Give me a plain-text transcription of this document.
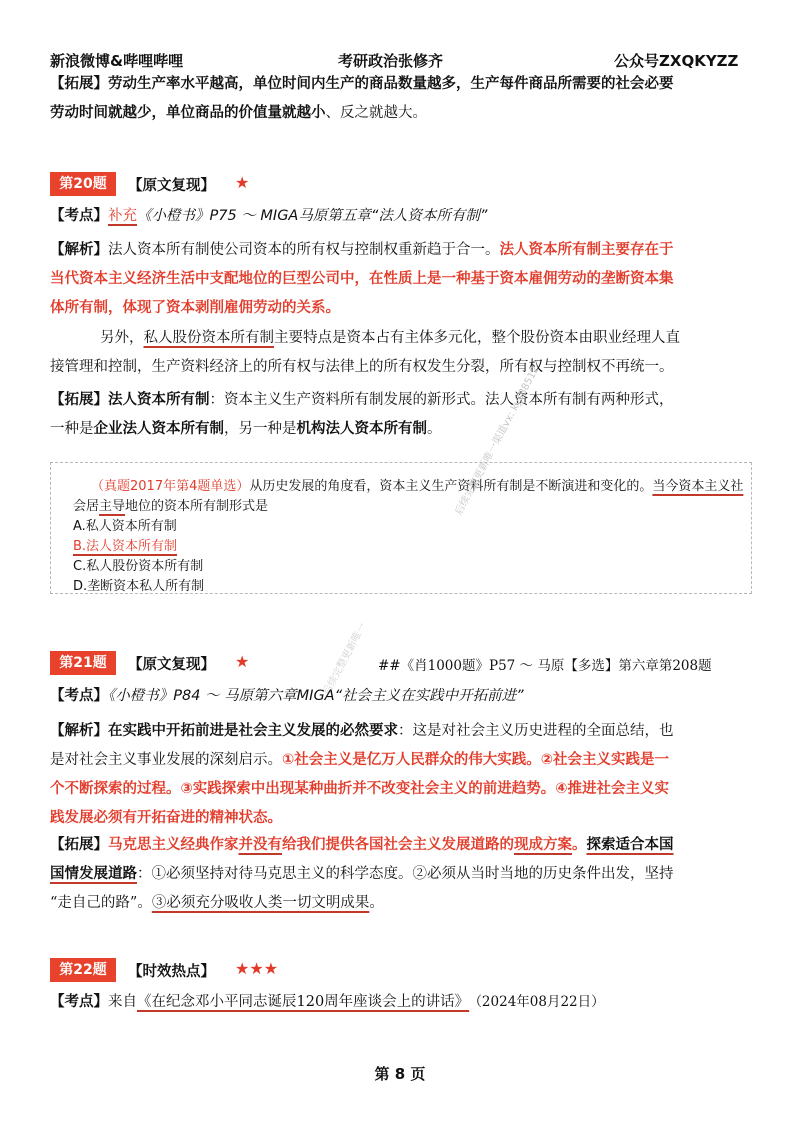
新浪微博&哔哩哔哩	考研政治张修齐	公众号ZXQKYZZ
【拓展】劳动生产率水平越高，单位时间内生产的商品数量越多，生产每件商品所需要的社会必要
劳动时间就越少，单位商品的价值量就越小、反之就越大。
第20题	【原文复现】 ★
【考点】补充《小橙书》P75 ～ MIGA马原第五章“法人资本所有制”
【解析】法人资本所有制使公司资本的所有权与控制权重新趋于合一。法人资本所有制主要存在于
当代资本主义经济生活中支配地位的巨型公司中，在性质上是一种基于资本雇佣劳动的垄断资本集
体所有制，体现了资本剥削雇佣劳动的关系。
另外，私人股份资本所有制主要特点是资本占有主体多元化，整个股份资本由职业经理人直
接管理和控制，生产资料经济上的所有权与法律上的所有权发生分裂，所有权与控制权不再统一。
【拓展】法人资本所有制：资本主义生产资料所有制发展的新形式。法人资本所有制有两种形式，
一种是企业法人资本所有制，另一种是机构法人资本所有制。
（真题2017年第4题单选）从历史发展的角度看，资本主义生产资料所有制是不断演进和变化的。当今资本主义社
会居主导地位的资本所有制形式是
A.私人资本所有制
B.法人资本所有制
C.私人股份资本所有制
D.垄断资本私人所有制
后续完整更新唯一渠道vx: kys88512
第21题	【原文复现】 ★	##《肖1000题》P57 ～ 马原【多选】第六章第208题
后续完整更新唯一
【考点】《小橙书》P84 ～ 马原第六章MIGA“社会主义在实践中开拓前进”
【解析】在实践中开拓前进是社会主义发展的必然要求：这是对社会主义历史进程的全面总结，也
是对社会主义事业发展的深刻启示。①社会主义是亿万人民群众的伟大实践。②社会主义实践是一
个不断探索的过程。③实践探索中出现某种曲折并不改变社会主义的前进趋势。④推进社会主义实
践发展必须有开拓奋进的精神状态。
【拓展】马克思主义经典作家并没有给我们提供各国社会主义发展道路的现成方案。探索适合本国
国情发展道路：①必须坚持对待马克思主义的科学态度。②必须从当时当地的历史条件出发，坚持
“走自己的路”。③必须充分吸收人类一切文明成果。
第22题	【时效热点】 ★★★
【考点】来自《在纪念邓小平同志诞辰120周年座谈会上的讲话》 （2024年08月22日）
第 8 页
